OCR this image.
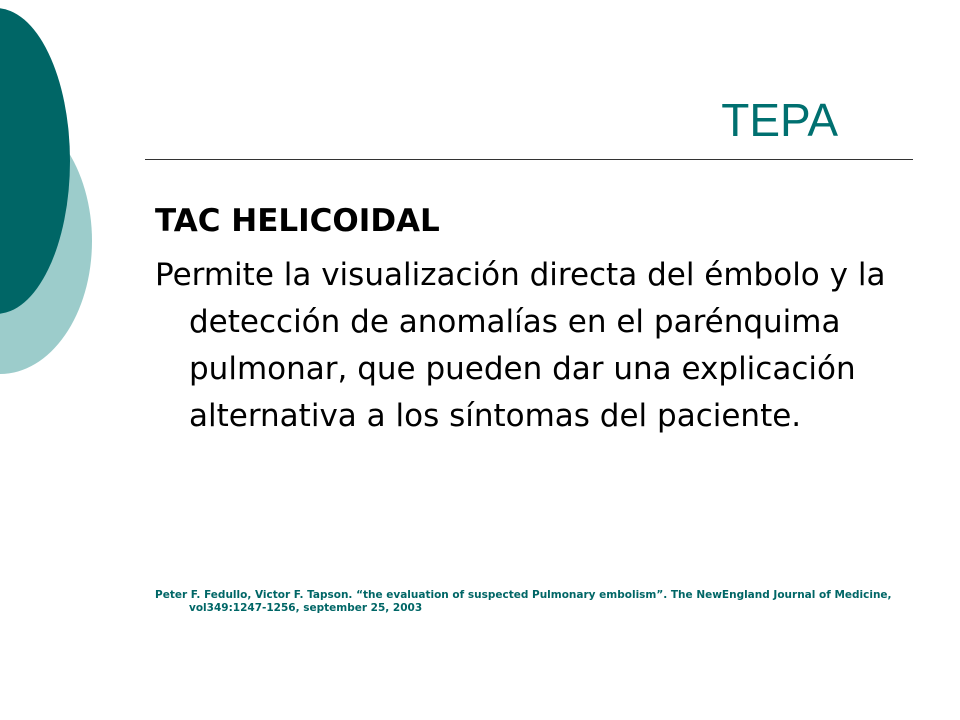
TEPA
TAC HELICOIDAL

Permite la visualización directa del émbolo y la detección de anomalías en el parénquima pulmonar, que pueden dar una explicación alternativa a los síntomas del paciente.

Peter F. Fedullo, Victor F. Tapson. “the evaluation of suspected Pulmonary embolism”. The NewEngland Journal of Medicine, vol349:1247-1256, september 25, 2003
